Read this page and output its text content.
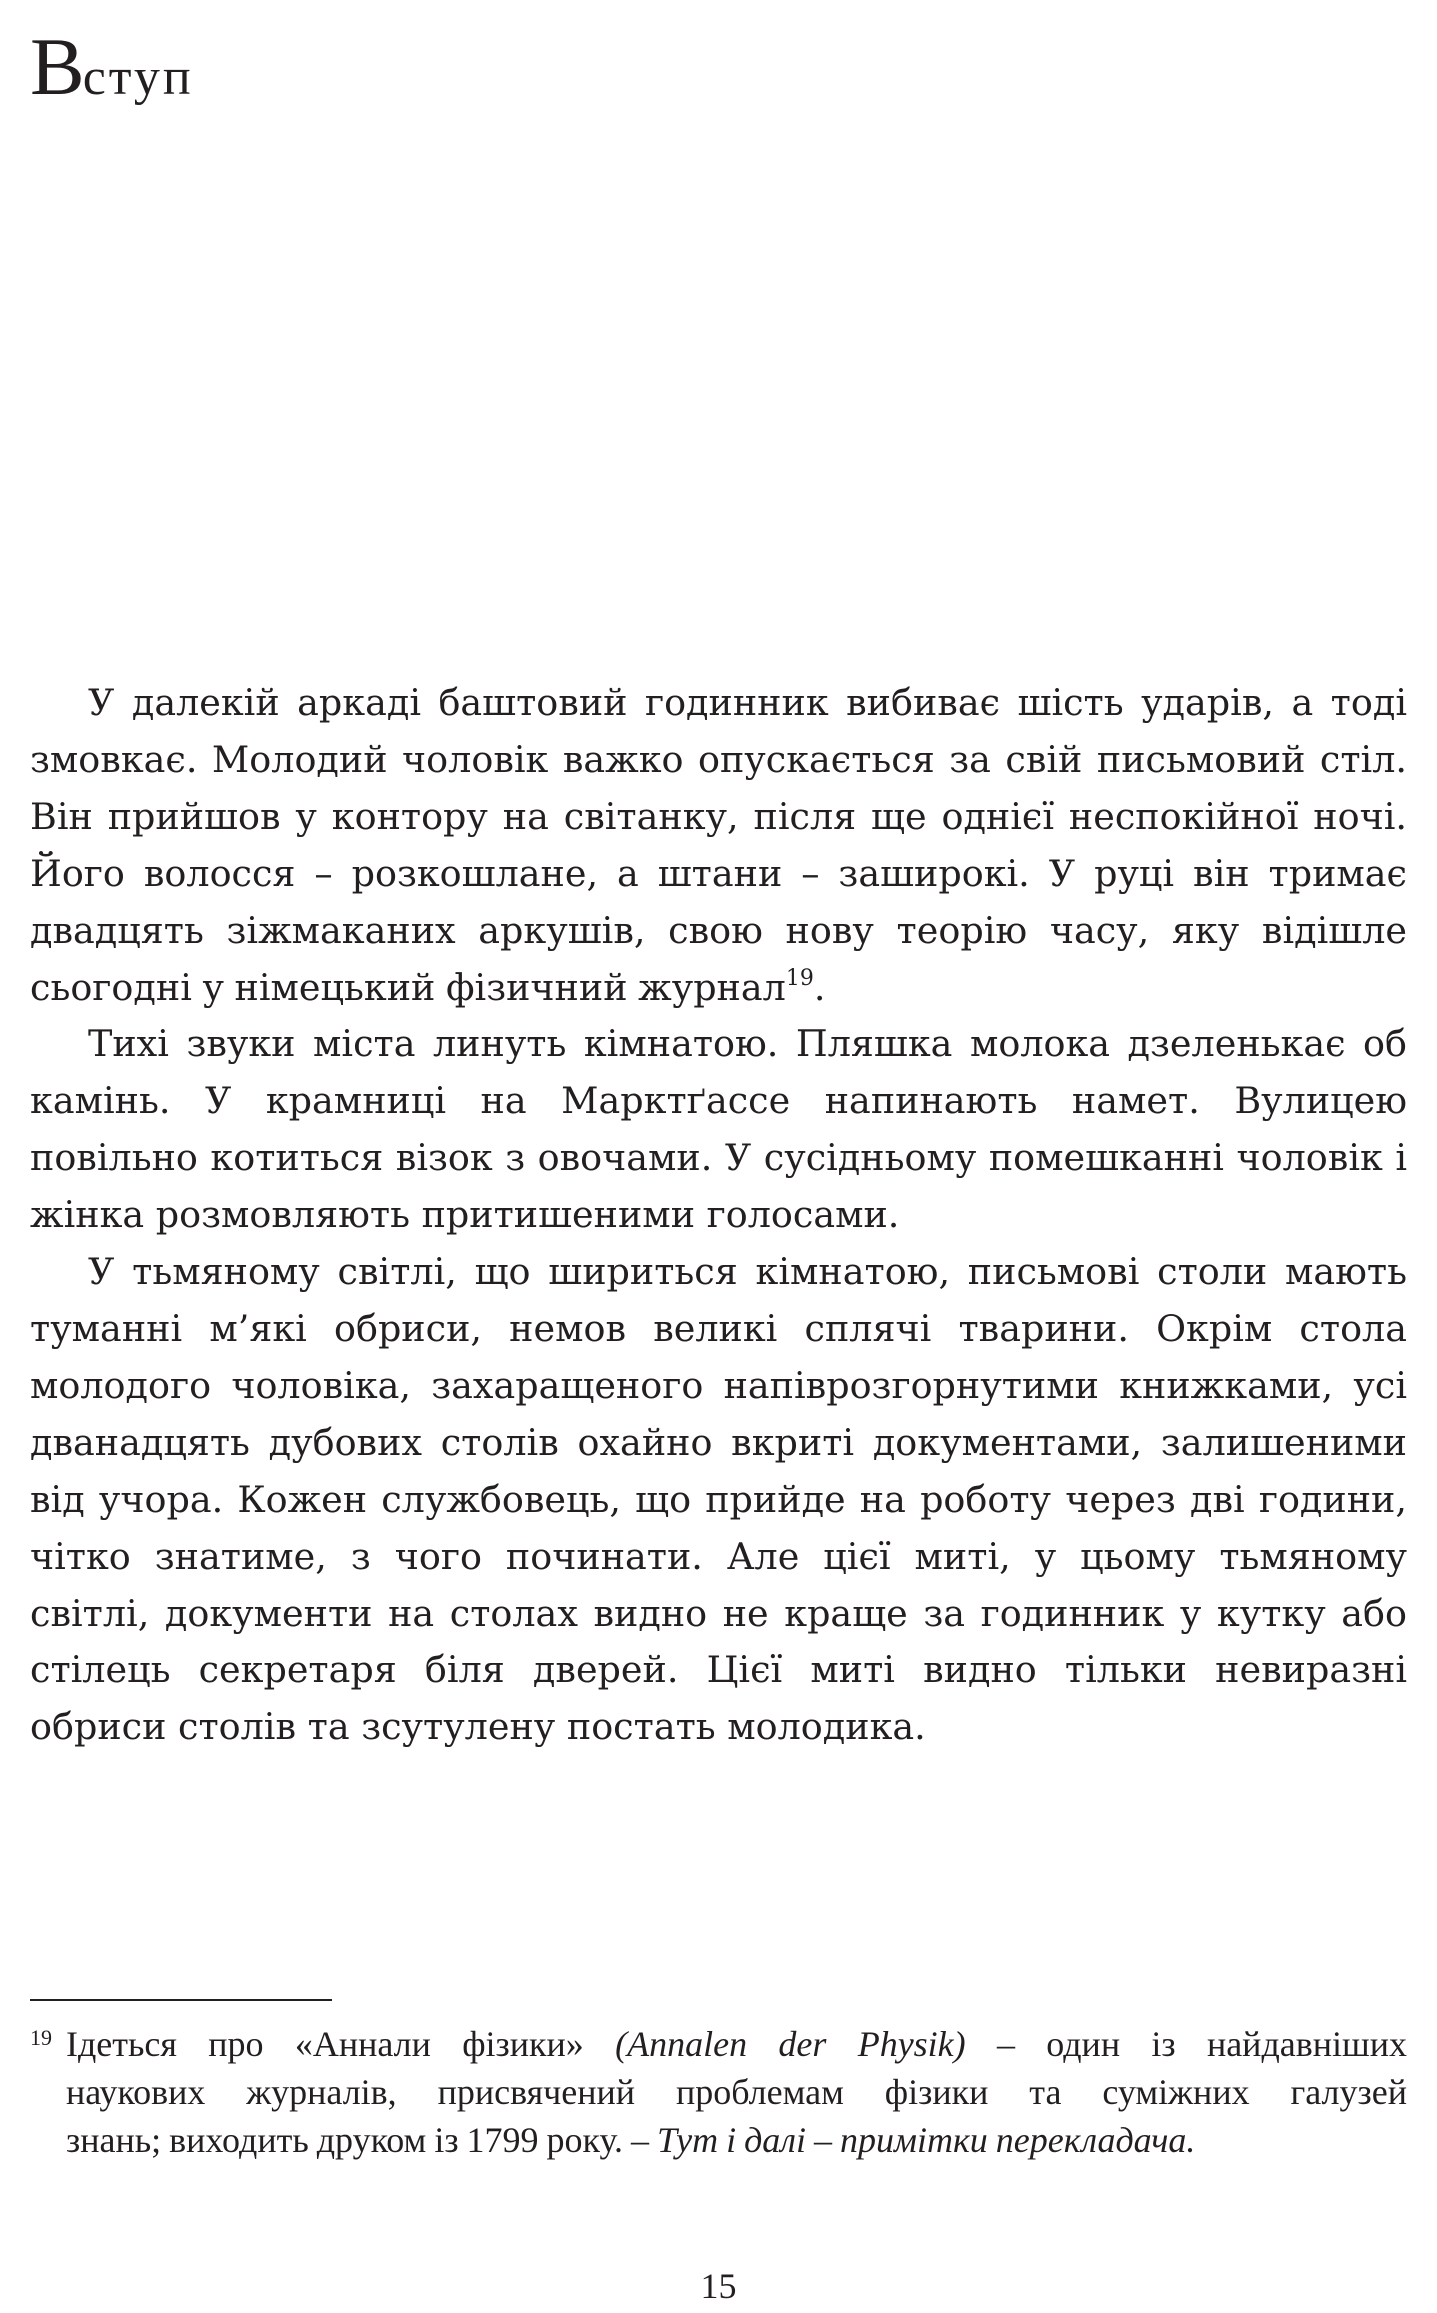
Вступ

У далекій аркаді баштовий годинник вибиває шість ударів, а тоді змовкає. Молодий чоловік важко опускається за свій письмовий стіл. Він прийшов у контору на світанку, після ще однієї неспокійної ночі. Його волосся – розкошлане, а штани – заширокі. У руці він тримає двадцять зіжмаканих аркушів, свою нову теорію часу, яку відішле сьогодні у німецький фізичний журнал$^{19}$.

Тихі звуки міста линуть кімнатою. Пляшка молока дзеленькає об камінь. У крамниці на Марктґассе напинають намет. Вулицею повільно котиться візок з овочами. У сусідньому помешканні чоловік і жінка розмовляють притишеними голосами.

У тьмяному світлі, що шириться кімнатою, письмові столи мають туманні м’які обриси, немов великі сплячі тварини. Окрім стола молодого чоловіка, захаращеного напіврозгорнутими книжками, усі дванадцять дубових столів охайно вкриті документами, залишеними від учора. Кожен службовець, що прийде на роботу через дві години, чітко знатиме, з чого починати. Але цієї миті, у цьому тьмяному світлі, документи на столах видно не краще за годинник у кутку або стілець секретаря біля дверей. Цієї миті видно тільки невиразні обриси столів та зсутулену постать молодика.

19 Ідеться про «Аннали фізики» (Annalen der Physik) – один із найдавніших
наукових журналів, присвячений проблемам фізики та суміжних галузей
знань; виходить друком із 1799 року. – Тут і далі – примітки перекладача.
15
